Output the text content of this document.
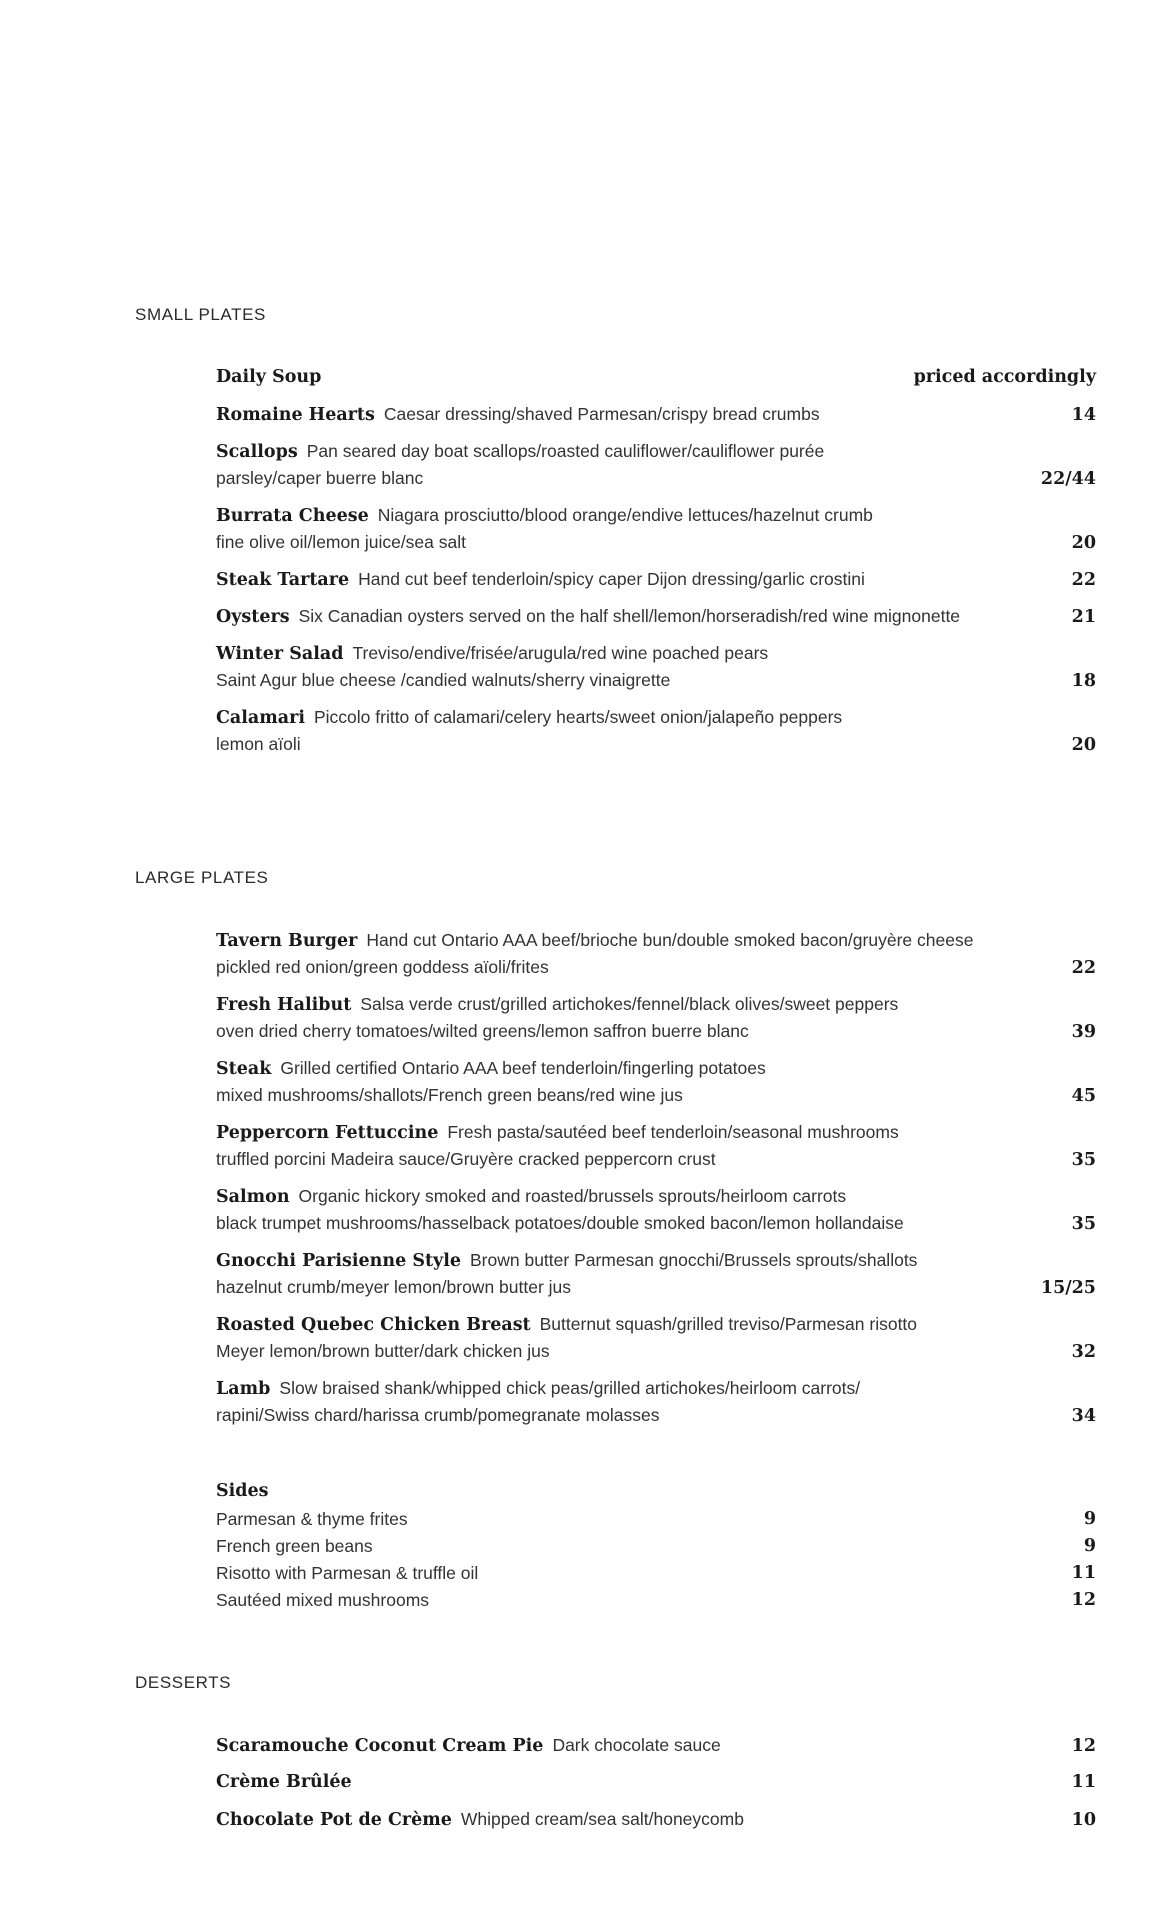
SMALL PLATES
Daily Soup	priced accordingly
Romaine Hearts Caesar dressing/shaved Parmesan/crispy bread crumbs	14
Scallops Pan seared day boat scallops/roasted cauliflower/cauliflower purée
parsley/caper buerre blanc	22/44
Burrata Cheese Niagara prosciutto/blood orange/endive lettuces/hazelnut crumb
fine olive oil/lemon juice/sea salt	20
Steak Tartare Hand cut beef tenderloin/spicy caper Dijon dressing/garlic crostini	22
Oysters Six Canadian oysters served on the half shell/lemon/horseradish/red wine mignonette	21
Winter Salad Treviso/endive/frisée/arugula/red wine poached pears
Saint Agur blue cheese /candied walnuts/sherry vinaigrette	18
Calamari Piccolo fritto of calamari/celery hearts/sweet onion/jalapeño peppers
lemon aïoli	20
LARGE PLATES
Tavern Burger Hand cut Ontario AAA beef/brioche bun/double smoked bacon/gruyère cheese
pickled red onion/green goddess aïoli/frites	22
Fresh Halibut Salsa verde crust/grilled artichokes/fennel/black olives/sweet peppers
oven dried cherry tomatoes/wilted greens/lemon saffron buerre blanc	39
Steak Grilled certified Ontario AAA beef tenderloin/fingerling potatoes
mixed mushrooms/shallots/French green beans/red wine jus	45
Peppercorn Fettuccine Fresh pasta/sautéed beef tenderloin/seasonal mushrooms
truffled porcini Madeira sauce/Gruyère cracked peppercorn crust	35
Salmon Organic hickory smoked and roasted/brussels sprouts/heirloom carrots
black trumpet mushrooms/hasselback potatoes/double smoked bacon/lemon hollandaise	35
Gnocchi Parisienne Style Brown butter Parmesan gnocchi/Brussels sprouts/shallots
hazelnut crumb/meyer lemon/brown butter jus	15/25
Roasted Quebec Chicken Breast Butternut squash/grilled treviso/Parmesan risotto
Meyer lemon/brown butter/dark chicken jus	32
Lamb Slow braised shank/whipped chick peas/grilled artichokes/heirloom carrots/
rapini/Swiss chard/harissa crumb/pomegranate molasses	34
Sides
Parmesan & thyme frites	9
French green beans	9
Risotto with Parmesan & truffle oil	11
Sautéed mixed mushrooms	12
DESSERTS
Scaramouche Coconut Cream Pie Dark chocolate sauce	12
Crème Brûlée	11
Chocolate Pot de Crème Whipped cream/sea salt/honeycomb	10
